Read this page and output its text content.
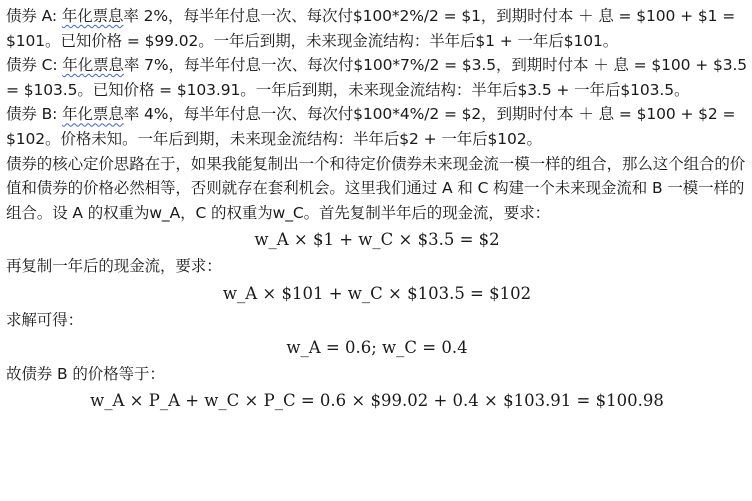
债券 A: 年化票息率 2%，每半年付息一次、每次付$100*2%/2 = $1，到期时付本 ＋ 息 = $100 + $1 = $101。已知价格 = $99.02。一年后到期，未来现金流结构：半年后$1 + 一年后$101。

债券 C: 年化票息率 7%，每半年付息一次、每次付$100*7%/2 = $3.5，到期时付本 ＋ 息 = $100 + $3.5 = $103.5。已知价格 = $103.91。一年后到期，未来现金流结构：半年后$3.5 + 一年后$103.5。

债券 B: 年化票息率 4%，每半年付息一次、每次付$100*4%/2 = $2，到期时付本 ＋ 息 = $100 + $2 = $102。价格未知。一年后到期，未来现金流结构：半年后$2 + 一年后$102。

债券的核心定价思路在于，如果我能复制出一个和待定价债券未来现金流一模一样的组合，那么这个组合的价值和债券的价格必然相等，否则就存在套利机会。这里我们通过 A 和 C 构建一个未来现金流和 B 一模一样的组合。设 A 的权重为w_A，C 的权重为w_C。首先复制半年后的现金流，要求：

w_A × $1 + w_C × $3.5 = $2

再复制一年后的现金流，要求：

w_A × $101 + w_C × $103.5 = $102

求解可得：

w_A = 0.6; w_C = 0.4

故债券 B 的价格等于：

w_A × P_A + w_C × P_C = 0.6 × $99.02 + 0.4 × $103.91 = $100.98
